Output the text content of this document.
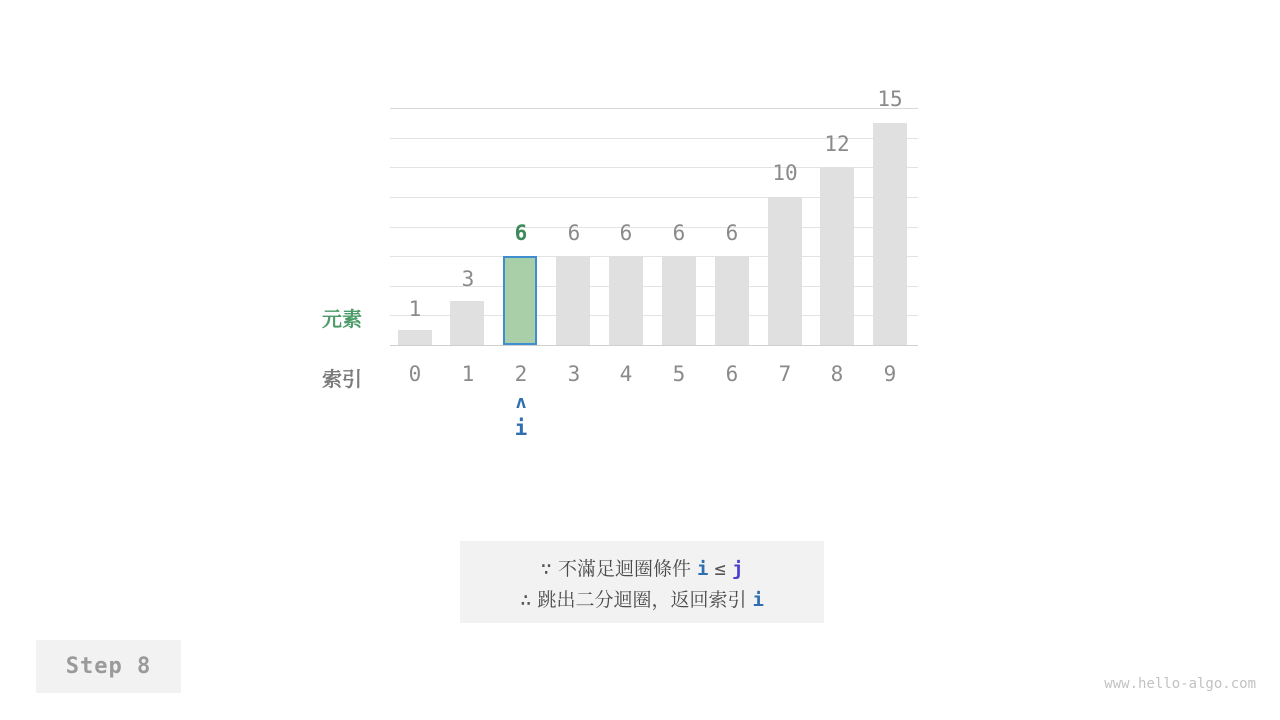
1
3
6	6	6	6	6
10
12
15
元素
索引	0	1	2	3	4	5	6	7	8	9
ʌ
i
∵ 不滿足迴圈條件 i ≤ j
∴ 跳出二分迴圈，返回索引 i
Step 8
www.hello-algo.com
